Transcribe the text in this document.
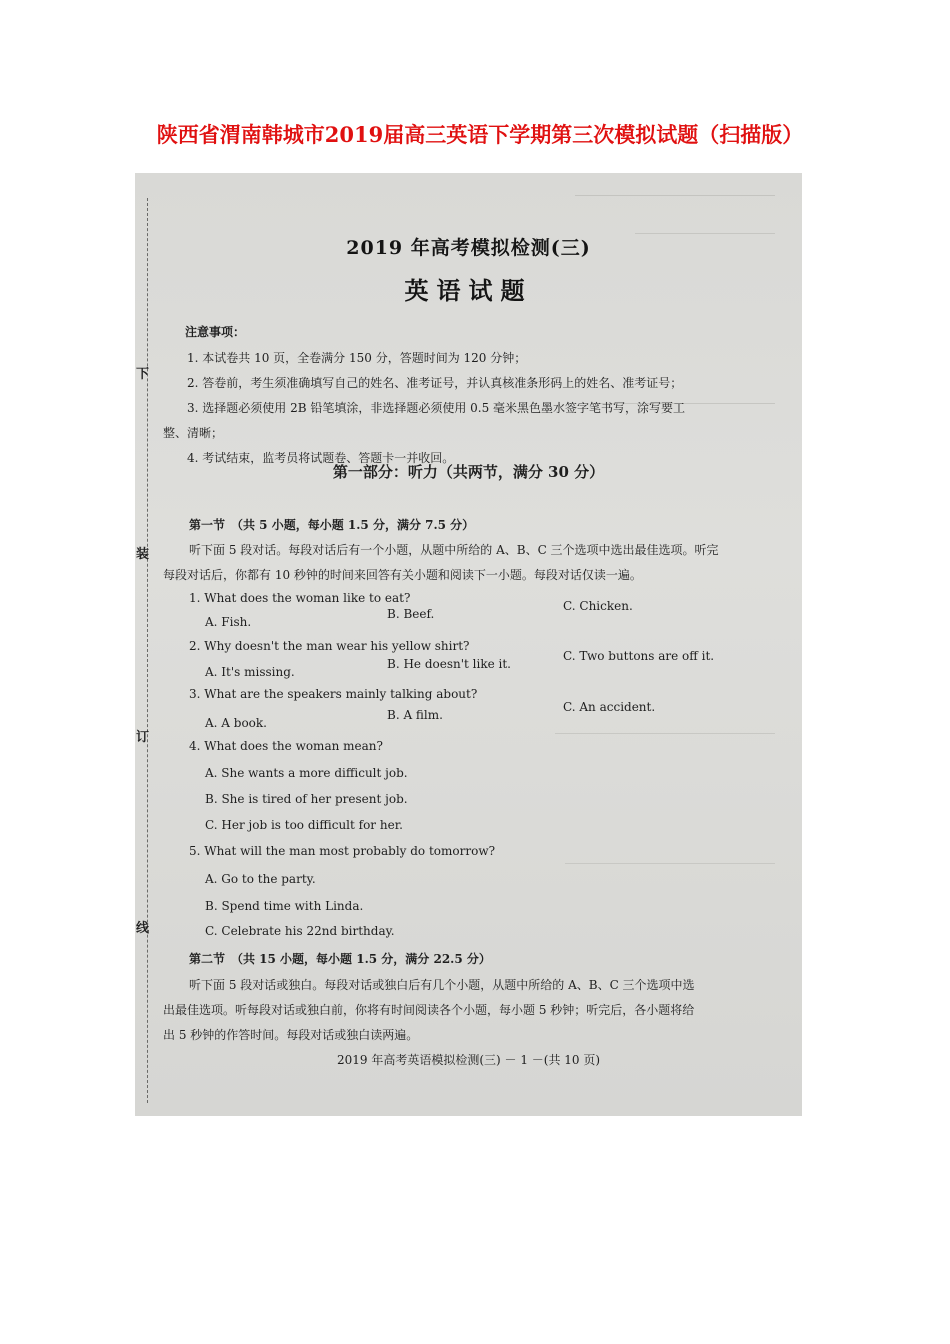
陕西省渭南韩城市2019届高三英语下学期第三次模拟试题（扫描版）
下
装
订
线
2019 年高考模拟检测(三)
英语试题
注意事项：
1. 本试卷共 10 页，全卷满分 150 分，答题时间为 120 分钟；
2. 答卷前，考生须准确填写自己的姓名、准考证号，并认真核准条形码上的姓名、准考证号；
3. 选择题必须使用 2B 铅笔填涂，非选择题必须使用 0.5 毫米黑色墨水签字笔书写，涂写要工
整、清晰；
4. 考试结束，监考员将试题卷、答题卡一并收回。
第一部分：听力（共两节，满分 30 分）
第一节　（共 5 小题，每小题 1.5 分，满分 7.5 分）
听下面 5 段对话。每段对话后有一个小题，从题中所给的 A、B、C 三个选项中选出最佳选项。听完
每段对话后，你都有 10 秒钟的时间来回答有关小题和阅读下一小题。每段对话仅读一遍。
1. What does the woman like to eat?
A. Fish.
B. Beef.
C. Chicken.
2. Why doesn't the man wear his yellow shirt?
A. It's missing.
B. He doesn't like it.
C. Two buttons are off it.
3. What are the speakers mainly talking about?
A. A book.
B. A film.
C. An accident.
4. What does the woman mean?
A. She wants a more difficult job.
B. She is tired of her present job.
C. Her job is too difficult for her.
5. What will the man most probably do tomorrow?
A. Go to the party.
B. Spend time with Linda.
C. Celebrate his 22nd birthday.
第二节　（共 15 小题，每小题 1.5 分，满分 22.5 分）
听下面 5 段对话或独白。每段对话或独白后有几个小题，从题中所给的 A、B、C 三个选项中选
出最佳选项。听每段对话或独白前，你将有时间阅读各个小题，每小题 5 秒钟；听完后，各小题将给
出 5 秒钟的作答时间。每段对话或独白读两遍。
2019 年高考英语模拟检测(三) － 1 －(共 10 页)
